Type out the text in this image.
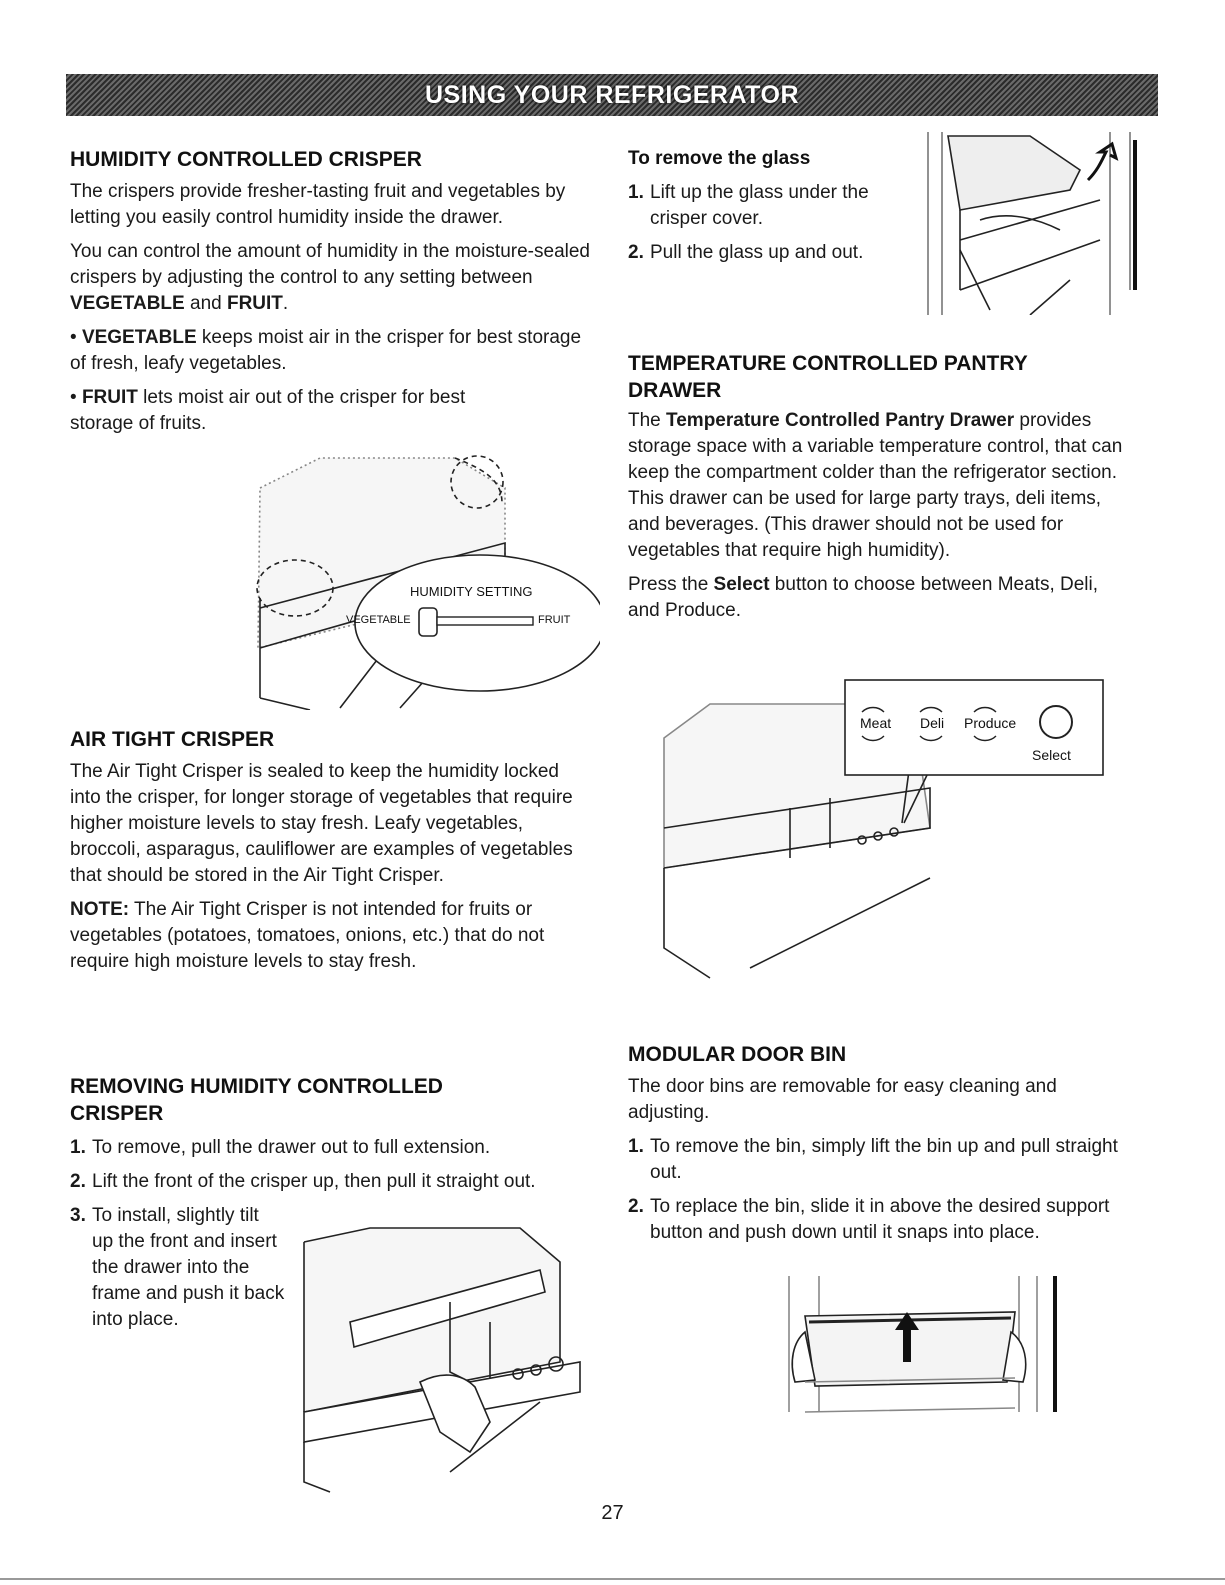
USING YOUR REFRIGERATOR
HUMIDITY CONTROLLED CRISPER

The crispers provide fresher-tasting fruit and vegetables by letting you easily control humidity inside the drawer.

You can control the amount of humidity in the moisture-sealed crispers by adjusting the control to any setting between VEGETABLE and FRUIT.

• VEGETABLE keeps moist air in the crisper for best storage of fresh, leafy vegetables.
• FRUIT lets moist air out of the crisper for best storage of fruits.
HUMIDITY SETTING
VEGETABLE	FRUIT
AIR TIGHT CRISPER

The Air Tight Crisper is sealed to keep the humidity locked into the crisper, for longer storage of vegetables that require higher moisture levels to stay fresh. Leafy vegetables, broccoli, asparagus, cauliflower are examples of vegetables that should be stored in the Air Tight Crisper.

NOTE: The Air Tight Crisper is not intended for fruits or vegetables (potatoes, tomatoes, onions, etc.) that do not require high moisture levels to stay fresh.

REMOVING HUMIDITY CONTROLLED
CRISPER
1. To remove, pull the drawer out to full extension.
2. Lift the front of the crisper up, then pull it straight out.
3. To install, slightly tilt up the front and insert the drawer into the frame and push it back into place.
To remove the glass
1. Lift up the glass under the crisper cover.
2. Pull the glass up and out.
TEMPERATURE CONTROLLED PANTRY
DRAWER

The Temperature Controlled Pantry Drawer provides storage space with a variable temperature control, that can keep the compartment colder than the refrigerator section. This drawer can be used for large party trays, deli items, and beverages. (This drawer should not be used for vegetables that require high humidity).

Press the Select button to choose between Meats, Deli, and Produce.

Meat Deli Produce
Select
MODULAR DOOR BIN

The door bins are removable for easy cleaning and adjusting.

1. To remove the bin, simply lift the bin up and pull straight out.
2. To replace the bin, slide it in above the desired support button and push down until it snaps into place.
27
